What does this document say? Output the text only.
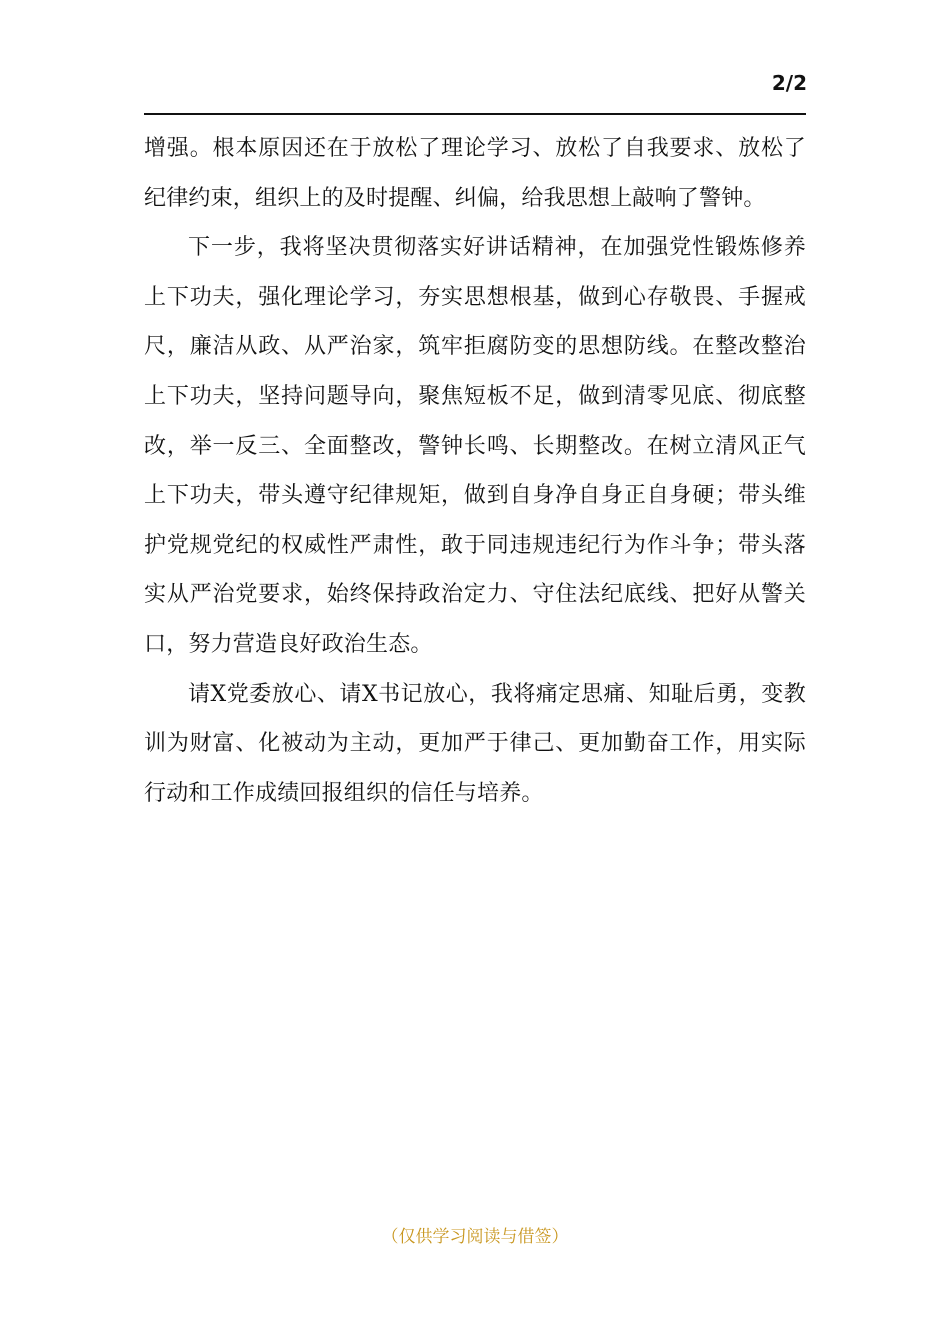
2/2

增强。根本原因还在于放松了理论学习、放松了自我要求、放松了纪律约束，组织上的及时提醒、纠偏，给我思想上敲响了警钟。

下一步，我将坚决贯彻落实好讲话精神，在加强党性锻炼修养上下功夫，强化理论学习，夯实思想根基，做到心存敬畏、手握戒尺，廉洁从政、从严治家，筑牢拒腐防变的思想防线。在整改整治上下功夫，坚持问题导向，聚焦短板不足，做到清零见底、彻底整改，举一反三、全面整改，警钟长鸣、长期整改。在树立清风正气上下功夫，带头遵守纪律规矩，做到自身净自身正自身硬；带头维护党规党纪的权威性严肃性，敢于同违规违纪行为作斗争；带头落实从严治党要求，始终保持政治定力、守住法纪底线、把好从警关口，努力营造良好政治生态。

请X党委放心、请X书记放心，我将痛定思痛、知耻后勇，变教训为财富、化被动为主动，更加严于律己、更加勤奋工作，用实际行动和工作成绩回报组织的信任与培养。

（仅供学习阅读与借签）
